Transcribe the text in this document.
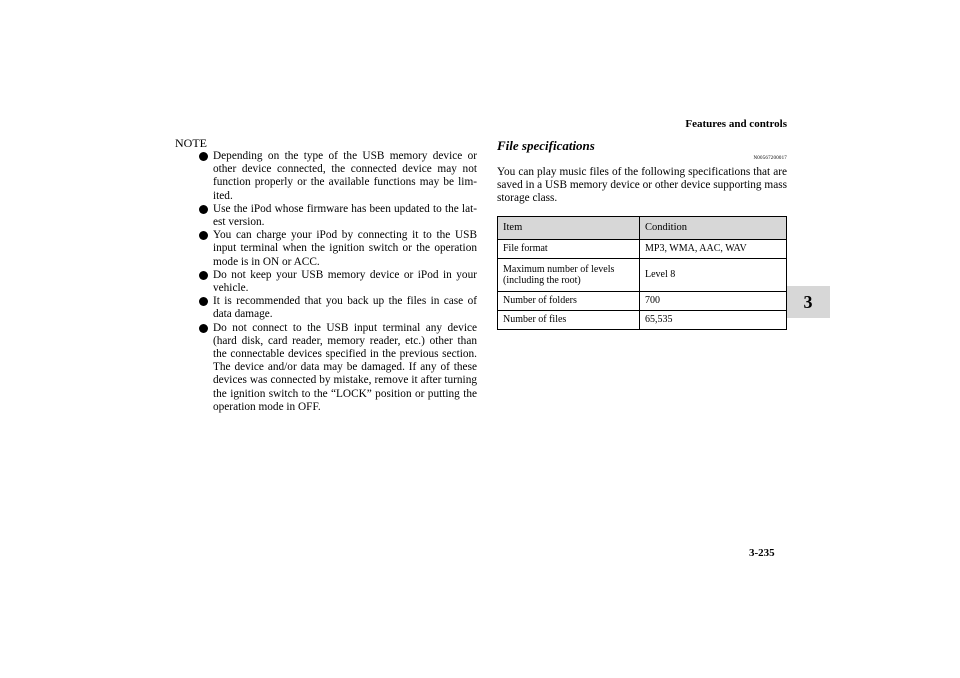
Features and controls
3
NOTE
Depending on the type of the USB memory device or other device connected, the connected device may not function properly or the available functions may be lim-ited.
Use the iPod whose firmware has been updated to the lat-est version.
You can charge your iPod by connecting it to the USB input terminal when the ignition switch or the operation mode is in ON or ACC.
Do not keep your USB memory device or iPod in your vehicle.
It is recommended that you back up the files in case of data damage.
Do not connect to the USB input terminal any device (hard disk, card reader, memory reader, etc.) other than the connectable devices specified in the previous section. The device and/or data may be damaged. If any of these devices was connected by mistake, remove it after turning the ignition switch to the “LOCK” position or putting the operation mode in OFF.
File specifications
N00567200017
You can play music files of the following specifications that are saved in a USB memory device or other device supporting mass storage class.
Item	Condition
File format	MP3, WMA, AAC, WAV
Maximum number of levels (including the root)	Level 8
Number of folders	700
Number of files	65,535
3-235
